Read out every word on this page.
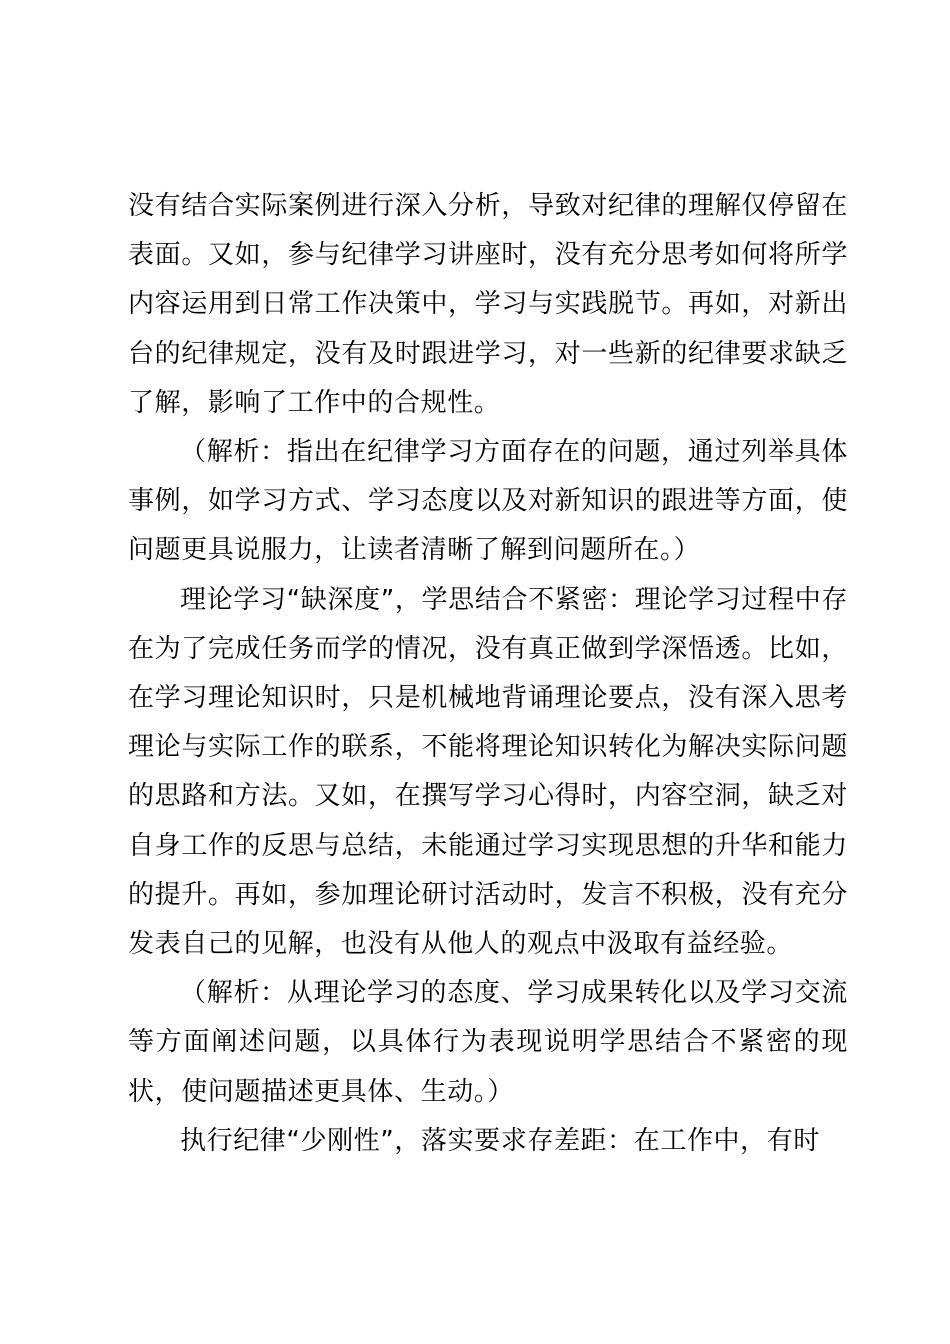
没有结合实际案例进行深入分析，导致对纪律的理解仅停留在表面。又如，参与纪律学习讲座时，没有充分思考如何将所学内容运用到日常工作决策中，学习与实践脱节。再如，对新出台的纪律规定，没有及时跟进学习，对一些新的纪律要求缺乏了解，影响了工作中的合规性。

（解析：指出在纪律学习方面存在的问题，通过列举具体事例，如学习方式、学习态度以及对新知识的跟进等方面，使问题更具说服力，让读者清晰了解到问题所在。）

理论学习“缺深度”，学思结合不紧密：理论学习过程中存在为了完成任务而学的情况，没有真正做到学深悟透。比如，在学习理论知识时，只是机械地背诵理论要点，没有深入思考理论与实际工作的联系，不能将理论知识转化为解决实际问题的思路和方法。又如，在撰写学习心得时，内容空洞，缺乏对自身工作的反思与总结，未能通过学习实现思想的升华和能力的提升。再如，参加理论研讨活动时，发言不积极，没有充分发表自己的见解，也没有从他人的观点中汲取有益经验。

（解析：从理论学习的态度、学习成果转化以及学习交流等方面阐述问题，以具体行为表现说明学思结合不紧密的现状，使问题描述更具体、生动。）

执行纪律“少刚性”，落实要求存差距：在工作中，有时
